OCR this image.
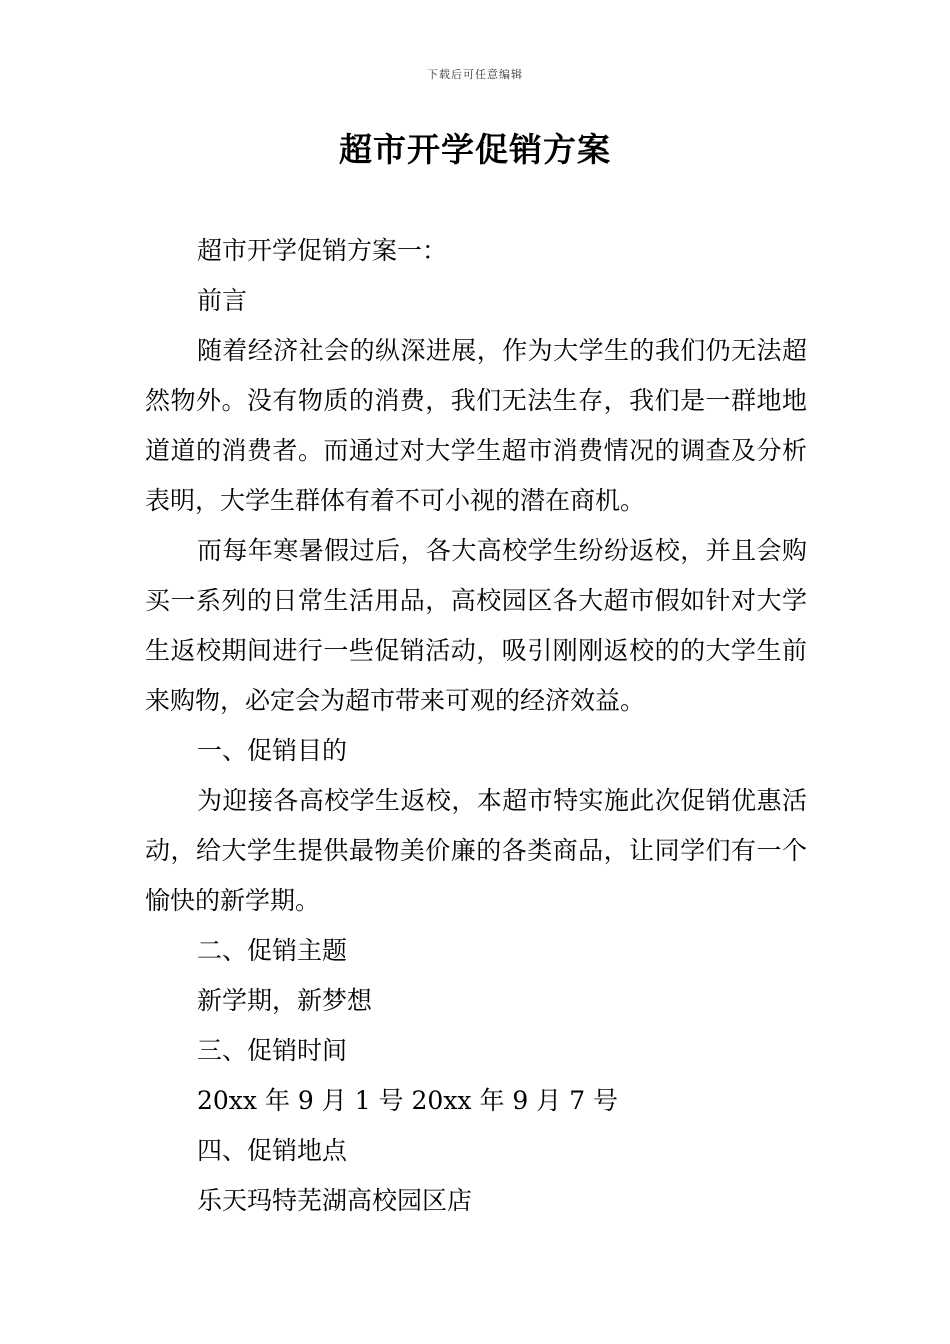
下载后可任意编辑
超市开学促销方案

超市开学促销方案一：

前言

随着经济社会的纵深进展，作为大学生的我们仍无法超然物外。没有物质的消费，我们无法生存，我们是一群地地道道的消费者。而通过对大学生超市消费情况的调查及分析表明，大学生群体有着不可小视的潜在商机。

而每年寒暑假过后，各大高校学生纷纷返校，并且会购买一系列的日常生活用品，高校园区各大超市假如针对大学生返校期间进行一些促销活动，吸引刚刚返校的的大学生前来购物，必定会为超市带来可观的经济效益。

一、促销目的

为迎接各高校学生返校，本超市特实施此次促销优惠活动，给大学生提供最物美价廉的各类商品，让同学们有一个愉快的新学期。

二、促销主题

新学期，新梦想

三、促销时间

20xx 年 9 月 1 号 20xx 年 9 月 7 号

四、促销地点

乐天玛特芜湖高校园区店
